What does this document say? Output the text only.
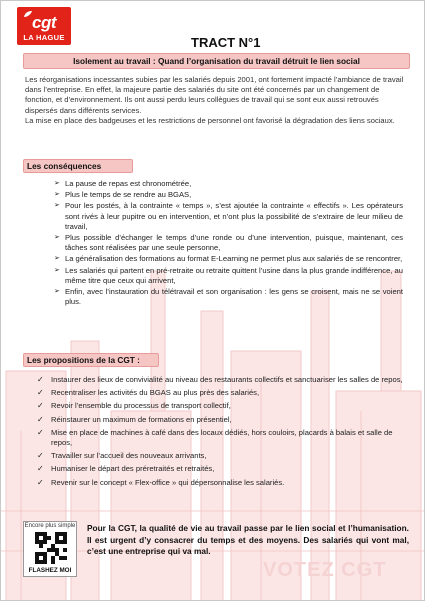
VOTEZ CGT
cgt
LA HAGUE	TRACT N°1
Isolement au travail : Quand l’organisation du travail détruit le lien social

Les réorganisations incessantes subies par les salariés depuis 2001, ont fortement impacté l’ambiance de travail dans l’entreprise. En effet, la majeure partie des salariés du site ont été concernés par un changement de fonction, et d’environnement. Ils ont aussi perdu leurs collègues de travail qui se sont eux aussi retrouvés dispersés dans différents services.

La mise en place des badgeuses et les restrictions de personnel ont favorisé la dégradation des liens sociaux.

Les conséquences
➢ La pause de repas est chronométrée,
➢ Plus le temps de se rendre au BGAS,
➢ Pour les postés, à la contrainte « temps », s’est ajoutée la contrainte « effectifs ». Les opérateurs sont rivés à leur pupitre ou en intervention, et n’ont plus la possibilité de s’extraire de leur milieu de travail,
➢ Plus possible d’échanger le temps d’une ronde ou d’une intervention, puisque, maintenant, ces tâches sont réalisées par une seule personne,
➢ La généralisation des formations au format E-Learning ne permet plus aux salariés de se rencontrer,
➢ Les salariés qui partent en pré-retraite ou retraite quittent l’usine dans la plus grande indifférence, au même titre que ceux qui arrivent,
➢ Enfin, avec l’instauration du télétravail et son organisation : les gens se croisent, mais ne se voient plus.
Les propositions de la CGT :
✓ Instaurer des lieux de convivialité au niveau des restaurants collectifs et sanctuariser les salles de repos,
✓ Recentraliser les activités du BGAS au plus près des salariés,
✓ Revoir l’ensemble du processus de transport collectif,
✓ Réinstaurer un maximum de formations en présentiel,
✓ Mise en place de machines à café dans des locaux dédiés, hors couloirs, placards à balais et salle de repos,
✓ Travailler sur l’accueil des nouveaux arrivants,
✓ Humaniser le départ des préretraités et retraités,
✓ Revenir sur le concept « Flex-office » qui dépersonnalise les salariés.
Encore plus simple
FLASHEZ MOI
Pour la CGT, la qualité de vie au travail passe par le lien social et l’humanisation. Il est urgent d’y consacrer du temps et des moyens. Des salariés qui vont mal, c’est une entreprise qui va mal.
